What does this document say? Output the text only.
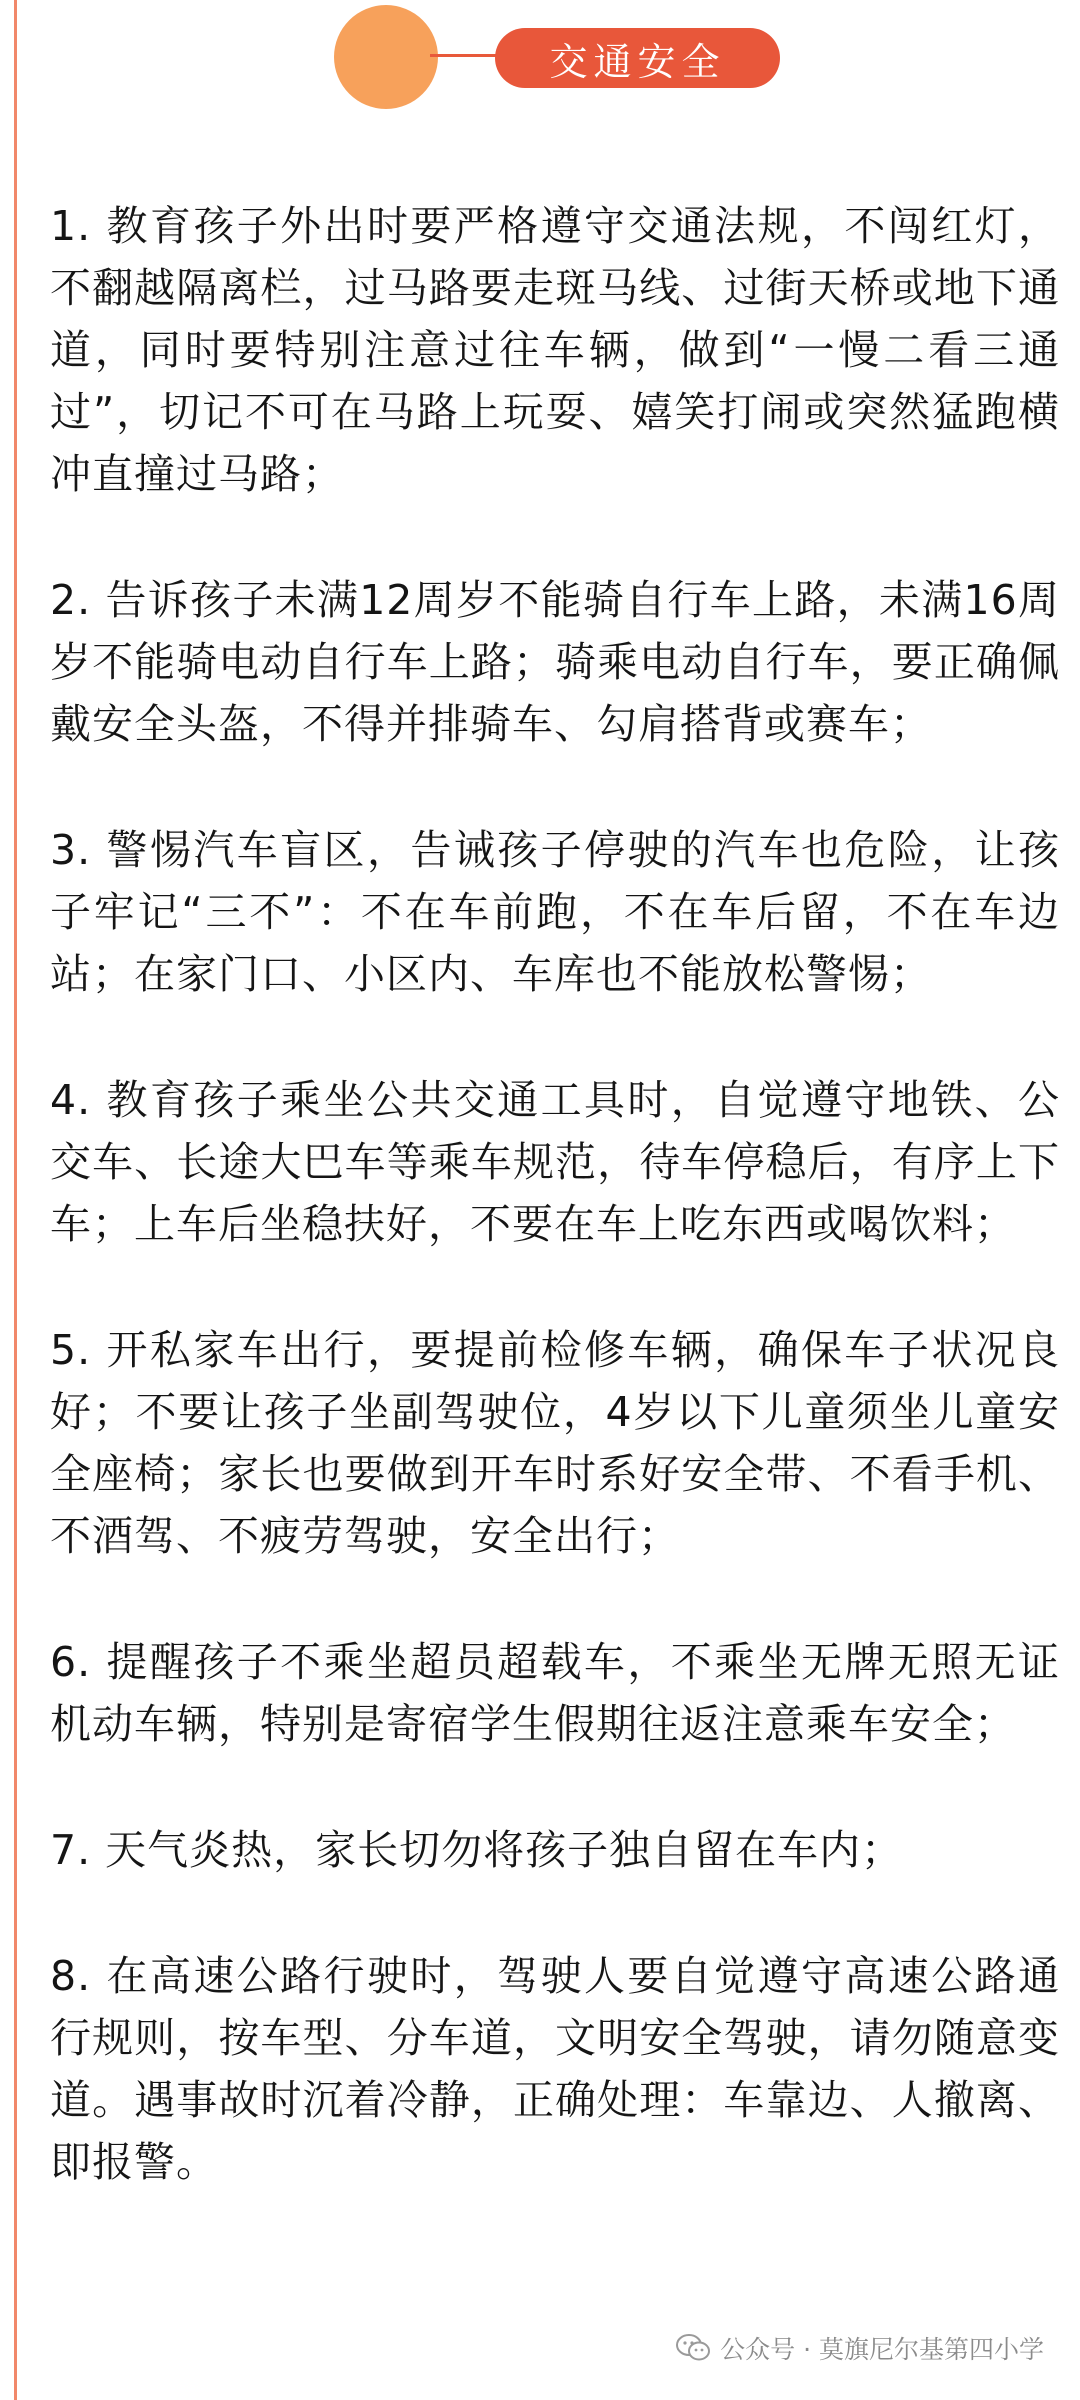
交通安全

1. 教育孩子外出时要严格遵守交通法规，不闯红灯，不翻越隔离栏，过马路要走斑马线、过街天桥或地下通道，同时要特别注意过往车辆，做到“一慢二看三通过”，切记不可在马路上玩耍、嬉笑打闹或突然猛跑横冲直撞过马路；

2. 告诉孩子未满12周岁不能骑自行车上路，未满16周岁不能骑电动自行车上路；骑乘电动自行车，要正确佩戴安全头盔，不得并排骑车、勾肩搭背或赛车；

3. 警惕汽车盲区，告诫孩子停驶的汽车也危险，让孩子牢记“三不”：不在车前跑，不在车后留，不在车边站；在家门口、小区内、车库也不能放松警惕；

4. 教育孩子乘坐公共交通工具时，自觉遵守地铁、公交车、长途大巴车等乘车规范，待车停稳后，有序上下车；上车后坐稳扶好，不要在车上吃东西或喝饮料；

5. 开私家车出行，要提前检修车辆，确保车子状况良好；不要让孩子坐副驾驶位，4岁以下儿童须坐儿童安全座椅；家长也要做到开车时系好安全带、不看手机、不酒驾、不疲劳驾驶，安全出行；

6. 提醒孩子不乘坐超员超载车，不乘坐无牌无照无证机动车辆，特别是寄宿学生假期往返注意乘车安全；

7. 天气炎热，家长切勿将孩子独自留在车内；

8. 在高速公路行驶时，驾驶人要自觉遵守高速公路通行规则，按车型、分车道，文明安全驾驶，请勿随意变道。遇事故时沉着冷静，正确处理：车靠边、人撤离、即报警。

公众号 · 莫旗尼尔基第四小学
